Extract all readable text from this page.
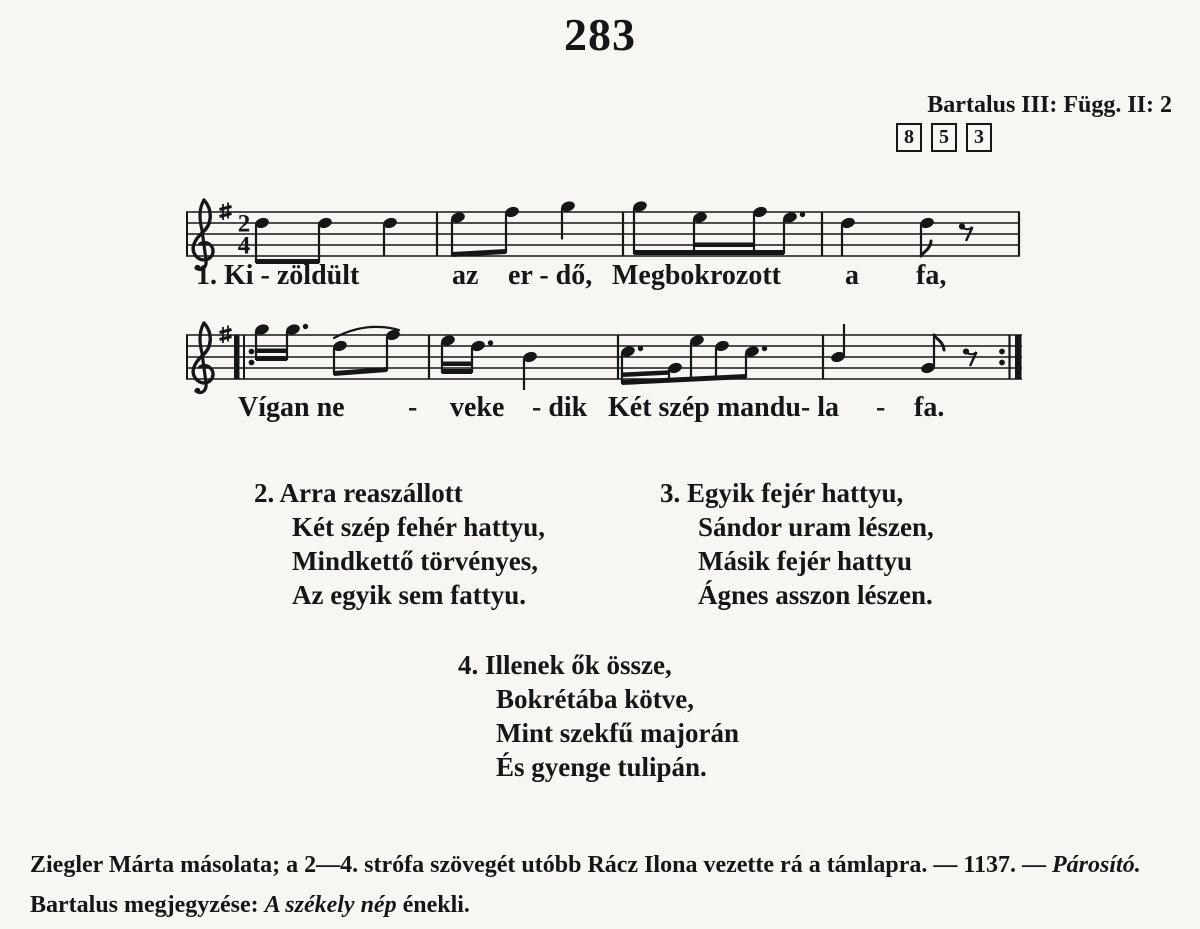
283
Bartalus III: Függ. II: 2
8	5	3
2
4
1. Ki - zöldült	az er - dő, Megbokrozott a fa,
Vígan ne - veke - dik Két szép mandu- la - fa.
2. Arra reaszállott
Két szép fehér hattyu,
Mindkettő törvényes,
Az egyik sem fattyu.
3. Egyik fejér hattyu,
Sándor uram lészen,
Másik fejér hattyu
Ágnes asszon lészen.
4. Illenek ők össze,
Bokrétába kötve,
Mint szekfű majorán
És gyenge tulipán.
Ziegler Márta másolata; a 2—4. strófa szövegét utóbb Rácz Ilona vezette rá a támlapra. — 1137. — Párosító.
Bartalus megjegyzése: A székely nép énekli.
